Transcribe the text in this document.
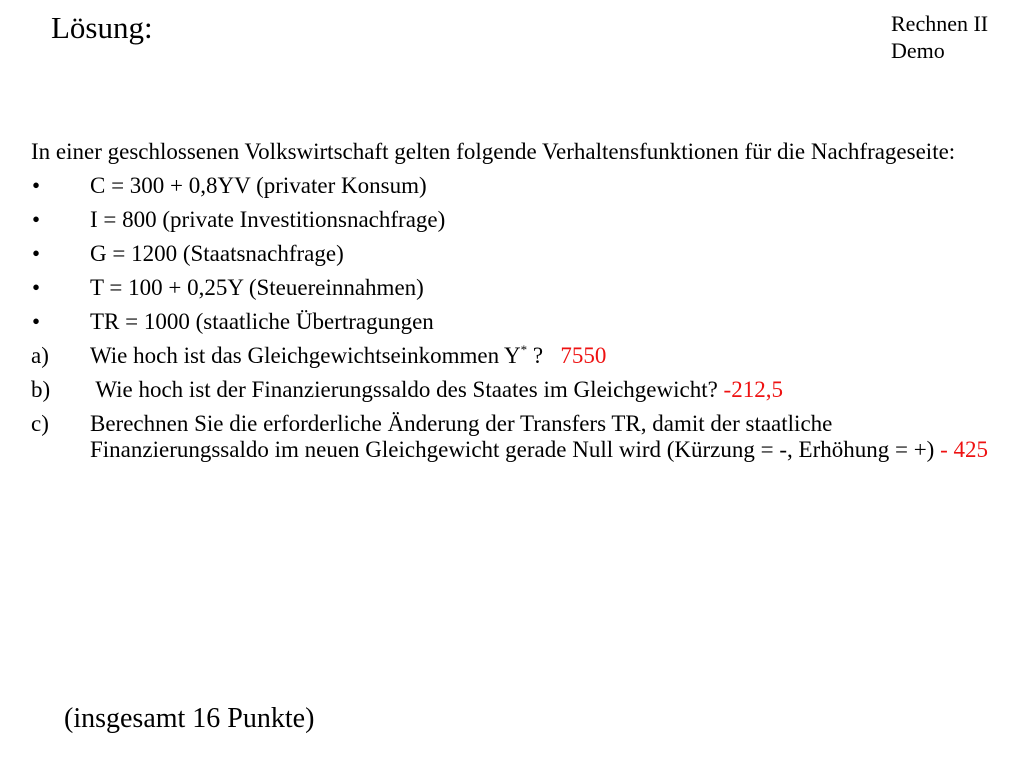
Lösung:	Rechnen II
Demo
In einer geschlossenen Volkswirtschaft gelten folgende Verhaltensfunktionen für die Nachfrageseite:
• C = 300 + 0,8YV (privater Konsum)
• I = 800 (private Investitionsnachfrage)
• G = 1200 (Staatsnachfrage)
• T = 100 + 0,25Y (Steuereinnahmen)
• TR = 1000 (staatliche Übertragungen
a) Wie hoch ist das Gleichgewichtseinkommen Y* ? 7550
b) Wie hoch ist der Finanzierungssaldo des Staates im Gleichgewicht? -212,5
c) Berechnen Sie die erforderliche Änderung der Transfers TR, damit der staatliche Finanzierungssaldo im neuen Gleichgewicht gerade Null wird (Kürzung = -, Erhöhung = +) - 425
(insgesamt 16 Punkte)
